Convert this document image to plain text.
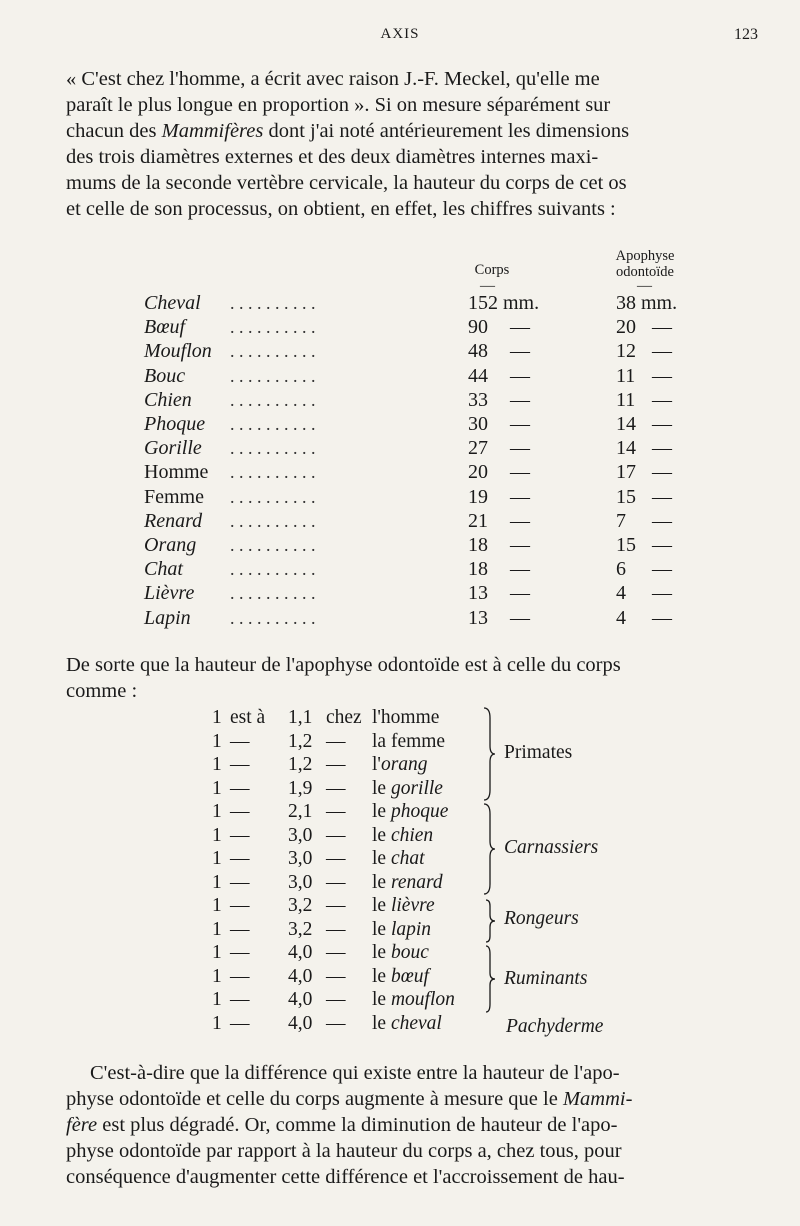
AXIS	123

« C'est chez l'homme, a écrit avec raison J.-F. Meckel, qu'elle me

paraît le plus longue en proportion ». Si on mesure séparément sur

chacun des Mammifères dont j'ai noté antérieurement les dimensions

des trois diamètres externes et des deux diamètres internes maxi-

mums de la seconde vertèbre cervicale, la hauteur du corps de cet os

et celle de son processus, on obtient, en effet, les chiffres suivants :

Apophyse
odontoïde
Corps
—	—
Cheval . . . . . . . . . .	152 mm.	38 mm.
Bœuf . . . . . . . . . .	90 —	20 —
Mouflon . . . . . . . . . .	48 —	12 —
Bouc . . . . . . . . . .	44 —	11 —
Chien . . . . . . . . . .	33 —	11 —
Phoque . . . . . . . . . .	30 —	14 —
Gorille . . . . . . . . . .	27 —	14 —
Homme . . . . . . . . . .	20 —	17 —
Femme . . . . . . . . . .	19 —	15 —
Renard . . . . . . . . . .	21 —	7 —
Orang . . . . . . . . . .	18 —	15 —
Chat	. . . . . . . . . .	18 —	6 —
Lièvre . . . . . . . . . .	13 —	4 —
Lapin . . . . . . . . . .	13 —	4 —

De sorte que la hauteur de l'apophyse odontoïde est à celle du corps

comme :

1 est à 1,1 chez l'homme
1 — 1,2 — la femme
1 — 1,2 — l'orang
1 — 1,9 — le gorille
1 — 2,1 — le phoque
1 — 3,0 — le chien
1 — 3,0 — le chat
1 — 3,0 — le renard
1 — 3,2 — le lièvre
1 — 3,2 — le lapin
1 — 4,0 — le bouc
1 — 4,0 — le bœuf
1 — 4,0 — le mouflon
1 — 4,0 — le cheval
Primates
Carnassiers
Rongeurs
Ruminants
Pachyderme

C'est-à-dire que la différence qui existe entre la hauteur de l'apo-

physe odontoïde et celle du corps augmente à mesure que le Mammi-

fère est plus dégradé. Or, comme la diminution de hauteur de l'apo-

physe odontoïde par rapport à la hauteur du corps a, chez tous, pour

conséquence d'augmenter cette différence et l'accroissement de hau-
